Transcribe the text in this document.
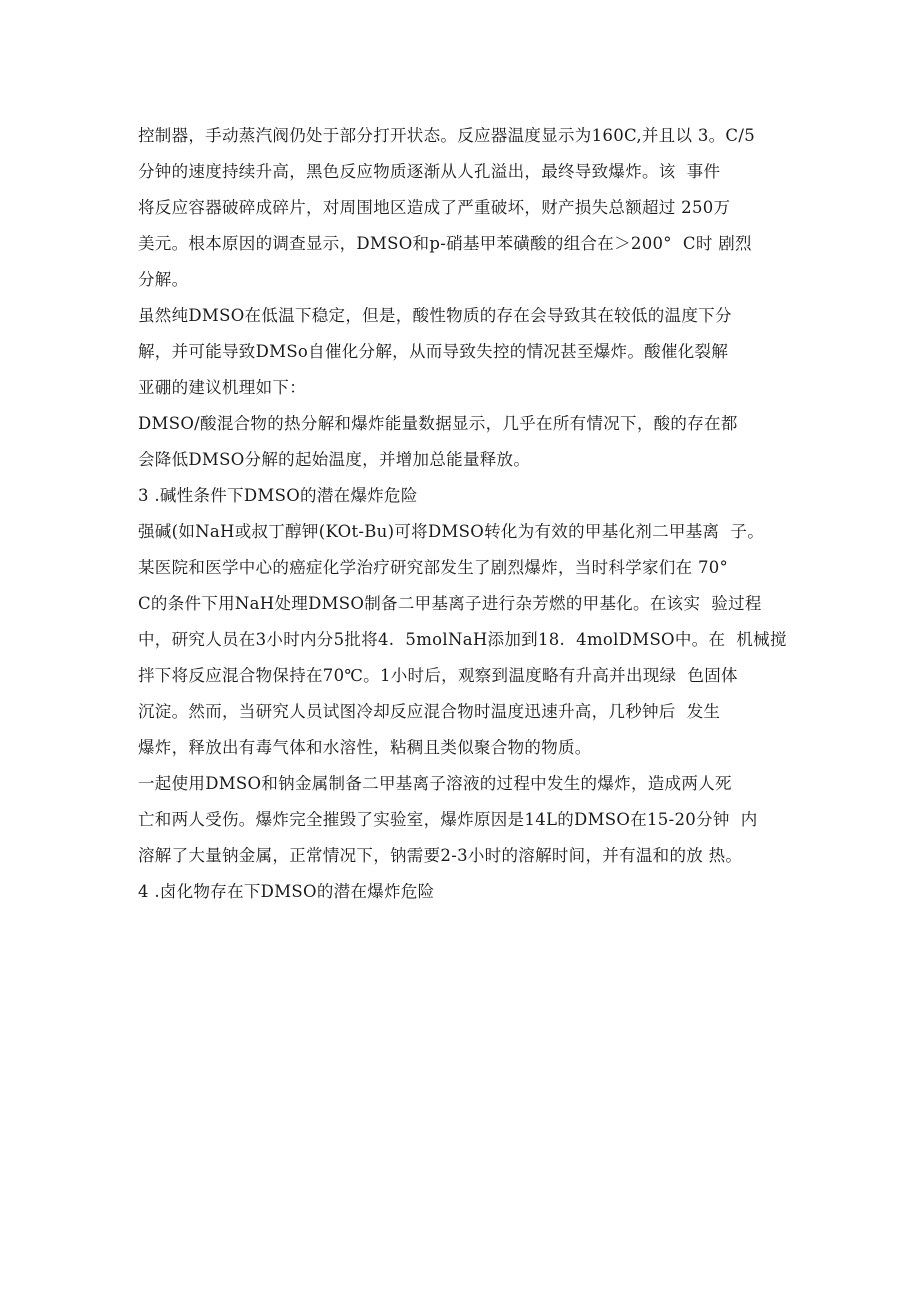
控制器，手动蒸汽阀仍处于部分打开状态。反应器温度显示为160C,并且以 3。C/5
分钟的速度持续升高，黑色反应物质逐渐从人孔溢出，最终导致爆炸。该  事件
将反应容器破碎成碎片，对周围地区造成了严重破坏，财产损失总额超过 250万
美元。根本原因的调查显示，DMSO和p-硝基甲苯磺酸的组合在＞200°  C时 剧烈
分解。
虽然纯DMSO在低温下稳定，但是，酸性物质的存在会导致其在较低的温度下分
解，并可能导致DMSo自催化分解，从而导致失控的情况甚至爆炸。酸催化裂解
亚硼的建议机理如下：
DMSO/酸混合物的热分解和爆炸能量数据显示，几乎在所有情况下，酸的存在都
会降低DMSO分解的起始温度，并增加总能量释放。
3 .碱性条件下DMSO的潜在爆炸危险
强碱(如NaH或叔丁醇钾(KOt-Bu)可将DMSO转化为有效的甲基化剂二甲基离  子。
某医院和医学中心的癌症化学治疗研究部发生了剧烈爆炸，当时科学家们在 70°
C的条件下用NaH处理DMSO制备二甲基离子进行杂芳燃的甲基化。在该实  验过程
中，研究人员在3小时内分5批将4.  5molNaH添加到18.  4molDMSO中。在  机械搅
拌下将反应混合物保持在70℃。1小时后，观察到温度略有升高并出现绿  色固体
沉淀。然而，当研究人员试图冷却反应混合物时温度迅速升高，几秒钟后  发生
爆炸，释放出有毒气体和水溶性，粘稠且类似聚合物的物质。
一起使用DMSO和钠金属制备二甲基离子溶液的过程中发生的爆炸，造成两人死
亡和两人受伤。爆炸完全摧毁了实验室，爆炸原因是14L的DMSO在15-20分钟  内
溶解了大量钠金属，正常情况下，钠需要2-3小时的溶解时间，并有温和的放 热。
4 .卤化物存在下DMSO的潜在爆炸危险
